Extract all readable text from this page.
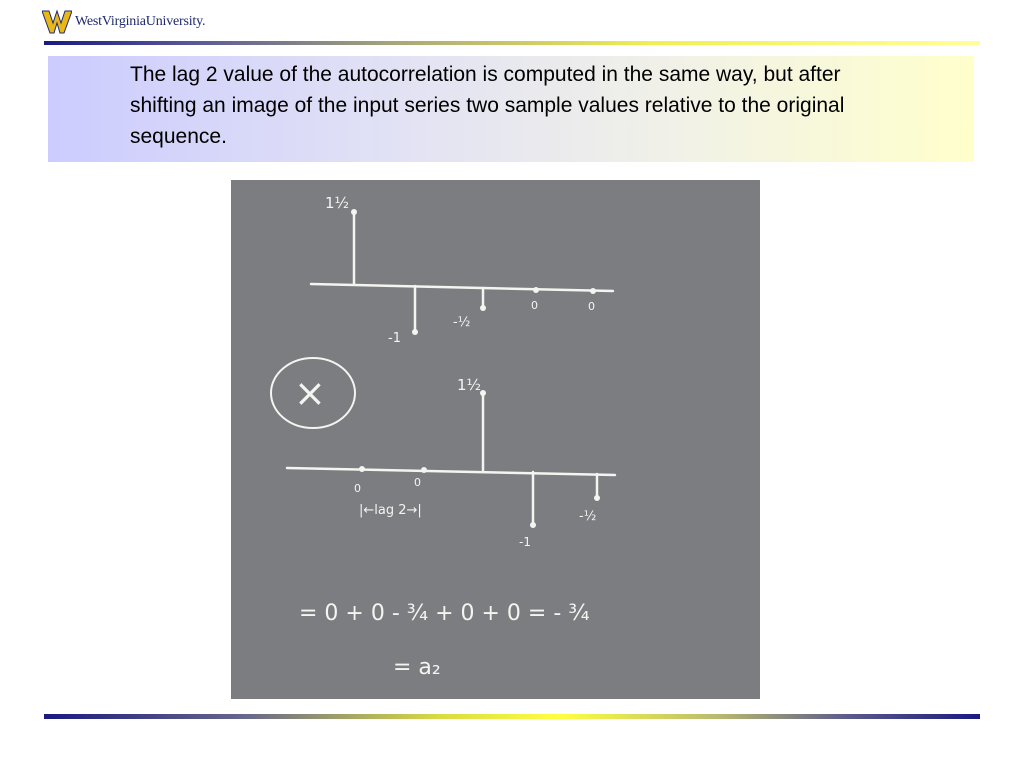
WestVirginiaUniversity.
The lag 2 value of the autocorrelation is computed in the same way, but after shifting an image of the input series two sample values relative to the original sequence.
1½
-1
-½
0	0
×	1½
0	0
|←lag 2→|
-1
-½
= 0 + 0 - ¾ + 0 + 0 = - ¾
= a₂
